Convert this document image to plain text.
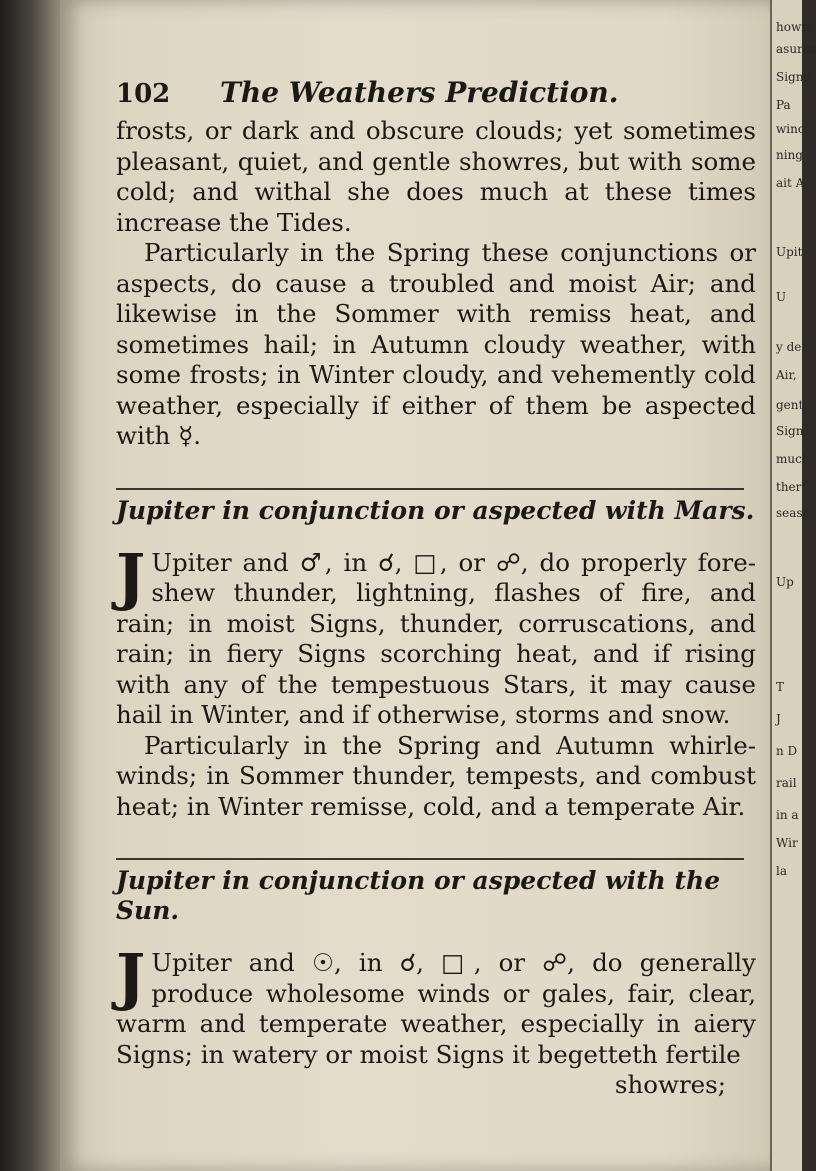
howre
asures
Signs
Pa
winc
ning
ait A
Upit
U
y de
Air,
gent
Sign
mucl
ther
seasc
Up
T
J
n D
rail
in a
Wir
la
102	The Weathers Prediction.

frosts, or dark and obscure clouds; yet sometimes pleasant, quiet, and gentle showres, but with some cold; and withal she does much at these times increase the Tides.

Particularly in the Spring these conjunctions or aspects, do cause a troubled and moist Air; and likewise in the Sommer with remiss heat, and sometimes hail; in Autumn cloudy weather, with some frosts; in Winter cloudy, and vehemently cold weather, especially if either of them be aspected with ☿.

Jupiter in conjunction or aspected with Mars.

J Upiter and ♂, in ☌, □, or ☍, do properly fore-shew thunder, lightning, flashes of fire, and rain; in moist Signs, thunder, corruscations, and rain; in fiery Signs scorching heat, and if rising with any of the tempestuous Stars, it may cause hail in Winter, and if otherwise, storms and snow.

Particularly in the Spring and Autumn whirle-winds; in Sommer thunder, tempests, and combust heat; in Winter remisse, cold, and a temperate Air.

Jupiter in conjunction or aspected with the Sun.

J Upiter and ☉, in ☌, □, or ☍, do generally produce wholesome winds or gales, fair, clear, warm and temperate weather, especially in aiery Signs; in watery or moist Signs it begetteth fertile

showres;
